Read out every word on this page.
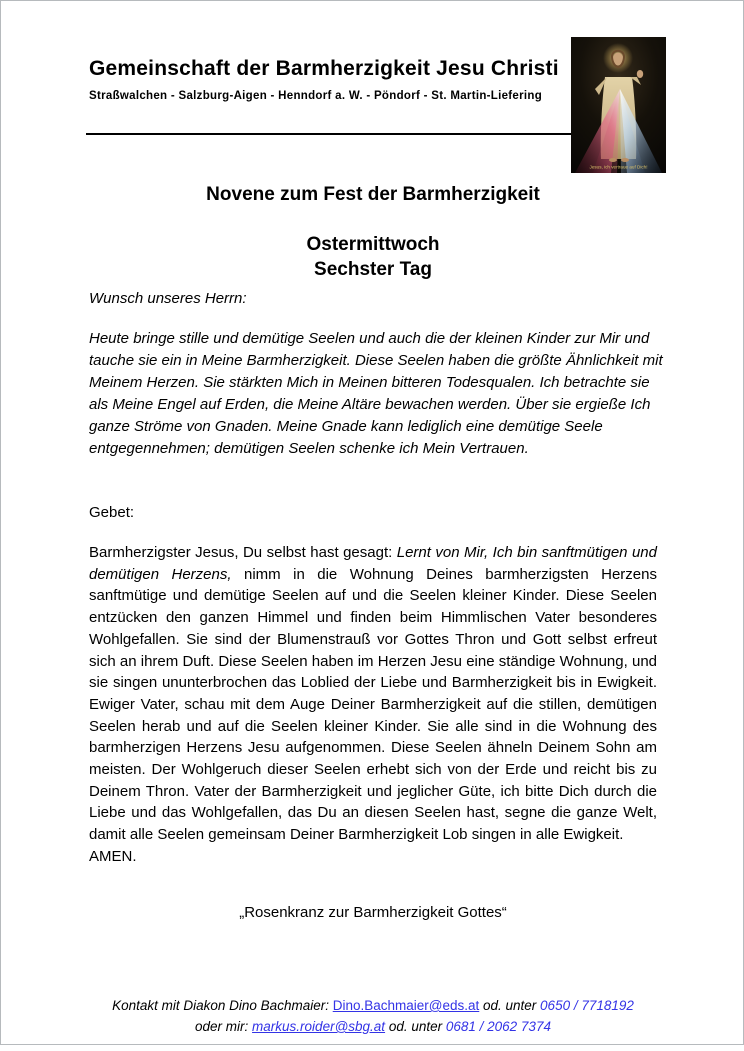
Gemeinschaft der Barmherzigkeit Jesu Christi
Straßwalchen - Salzburg-Aigen - Henndorf a. W. - Pöndorf - St. Martin-Liefering
Jesus, ich vertraue auf Dich!
Novene zum Fest der Barmherzigkeit
Ostermittwoch
Sechster Tag
Wunsch unseres Herrn:
Heute bringe stille und demütige Seelen und auch die der kleinen Kinder zur Mir und tauche sie ein in Meine Barmherzigkeit. Diese Seelen haben die größte Ähnlichkeit mit Meinem Herzen. Sie stärkten Mich in Meinen bitteren Todesqualen. Ich betrachte sie als Meine Engel auf Erden, die Meine Altäre bewachen werden. Über sie ergieße Ich ganze Ströme von Gnaden. Meine Gnade kann lediglich eine demütige Seele entgegennehmen; demütigen Seelen schenke ich Mein Vertrauen.
Gebet:
Barmherzigster Jesus, Du selbst hast gesagt: Lernt von Mir, Ich bin sanftmütigen und demütigen Herzens, nimm in die Wohnung Deines barmherzigsten Herzens sanftmütige und demütige Seelen auf und die Seelen kleiner Kinder. Diese Seelen entzücken den ganzen Himmel und finden beim Himmlischen Vater besonderes Wohlgefallen. Sie sind der Blumenstrauß vor Gottes Thron und Gott selbst erfreut sich an ihrem Duft. Diese Seelen haben im Herzen Jesu eine ständige Wohnung, und sie singen ununterbrochen das Loblied der Liebe und Barmherzigkeit bis in Ewigkeit. Ewiger Vater, schau mit dem Auge Deiner Barmherzigkeit auf die stillen, demütigen Seelen herab und auf die Seelen kleiner Kinder. Sie alle sind in die Wohnung des barmherzigen Herzens Jesu aufgenommen. Diese Seelen ähneln Deinem Sohn am meisten. Der Wohlgeruch dieser Seelen erhebt sich von der Erde und reicht bis zu Deinem Thron. Vater der Barmherzigkeit und jeglicher Güte, ich bitte Dich durch die Liebe und das Wohlgefallen, das Du an diesen Seelen hast, segne die ganze Welt, damit alle Seelen gemeinsam Deiner Barmherzigkeit Lob singen in alle Ewigkeit.
AMEN.
„Rosenkranz zur Barmherzigkeit Gottes“
Kontakt mit Diakon Dino Bachmaier: Dino.Bachmaier@eds.at od. unter 0650 / 7718192
oder mir: markus.roider@sbg.at od. unter 0681 / 2062 7374
